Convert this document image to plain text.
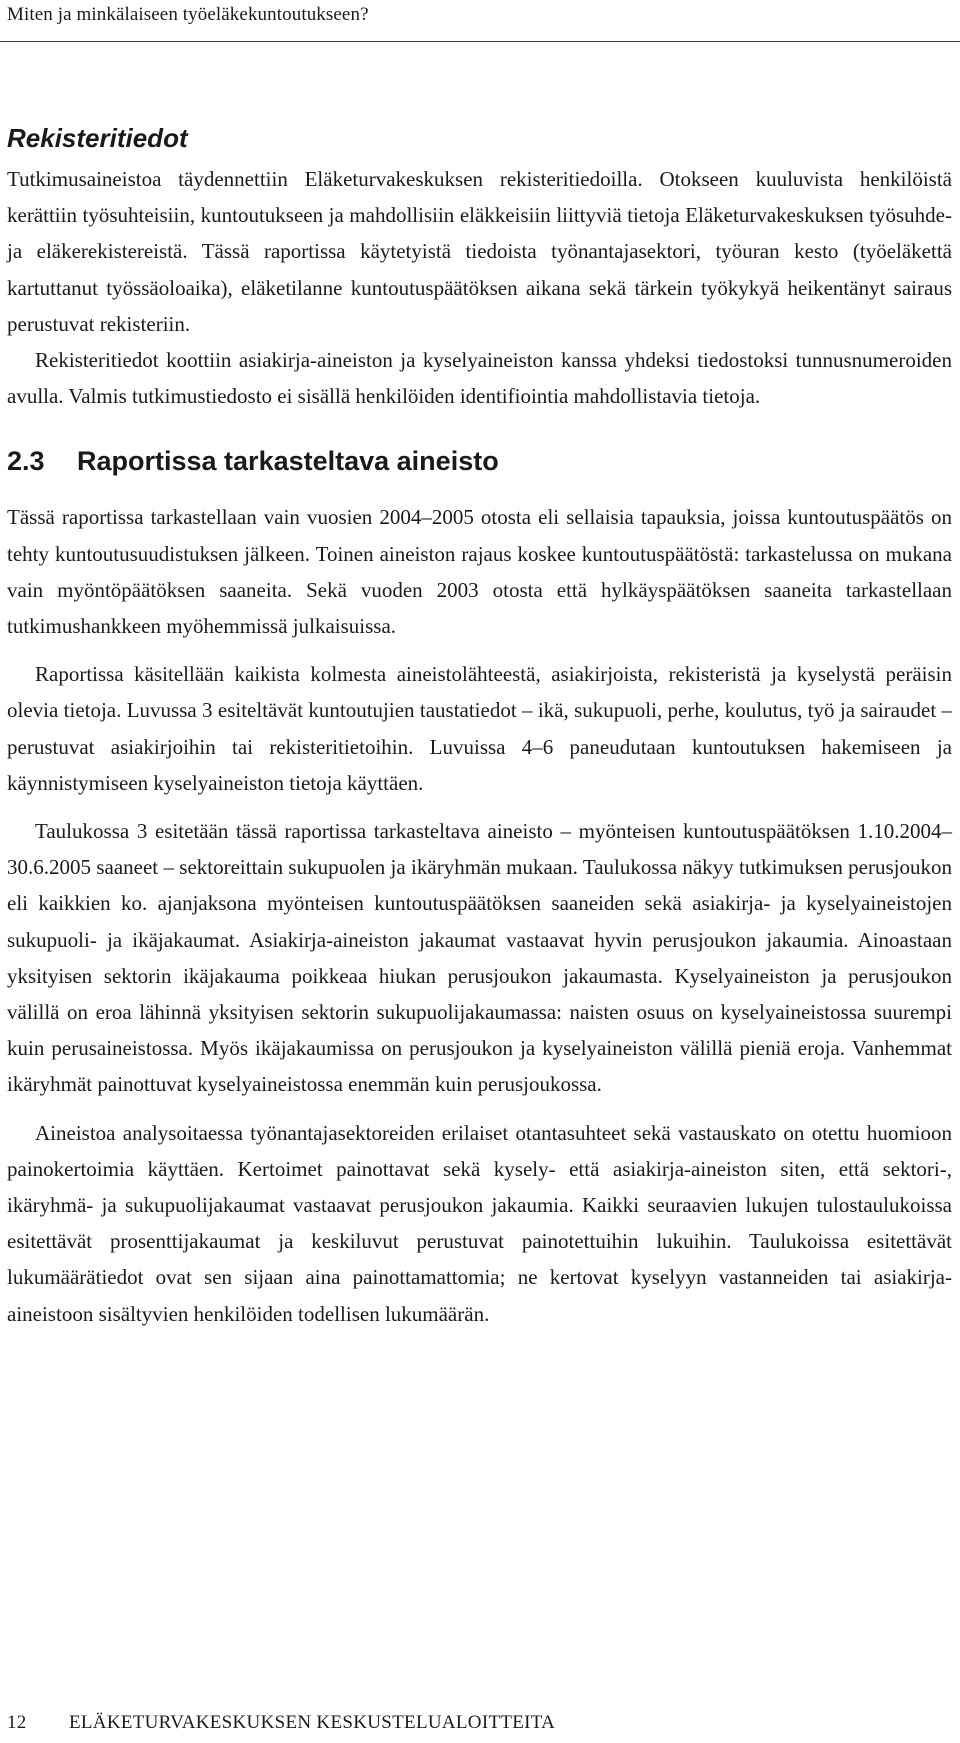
Miten ja minkälaiseen työeläkekuntoutukseen?
Rekisteritiedot

Tutkimusaineistoa täydennettiin Eläketurvakeskuksen rekisteritiedoilla. Otokseen kuuluvista henkilöistä kerättiin työsuhteisiin, kuntoutukseen ja mahdollisiin eläkkeisiin liittyviä tietoja Eläketurvakeskuksen työsuhde- ja eläkerekistereistä. Tässä raportissa käytetyistä tiedoista työnantajasektori, työuran kesto (työeläkettä kartuttanut työssäoloaika), eläketilanne kuntoutuspäätöksen aikana sekä tärkein työkykyä heikentänyt sairaus perustuvat rekisteriin.

Rekisteritiedot koottiin asiakirja-aineiston ja kyselyaineiston kanssa yhdeksi tiedostoksi tunnusnumeroiden avulla. Valmis tutkimustiedosto ei sisällä henkilöiden identifiointia mahdollistavia tietoja.

2.3 Raportissa tarkasteltava aineisto

Tässä raportissa tarkastellaan vain vuosien 2004–2005 otosta eli sellaisia tapauksia, joissa kuntoutuspäätös on tehty kuntoutusuudistuksen jälkeen. Toinen aineiston rajaus koskee kuntoutuspäätöstä: tarkastelussa on mukana vain myöntöpäätöksen saaneita. Sekä vuoden 2003 otosta että hylkäyspäätöksen saaneita tarkastellaan tutkimushankkeen myöhemmissä julkaisuissa.

Raportissa käsitellään kaikista kolmesta aineistolähteestä, asiakirjoista, rekisteristä ja kyselystä peräisin olevia tietoja. Luvussa 3 esiteltävät kuntoutujien taustatiedot – ikä, sukupuoli, perhe, koulutus, työ ja sairaudet – perustuvat asiakirjoihin tai rekisteritietoihin. Luvuissa 4–6 paneudutaan kuntoutuksen hakemiseen ja käynnistymiseen kyselyaineiston tietoja käyttäen.

Taulukossa 3 esitetään tässä raportissa tarkasteltava aineisto – myönteisen kuntoutuspäätöksen 1.10.2004–30.6.2005 saaneet – sektoreittain sukupuolen ja ikäryhmän mukaan. Taulukossa näkyy tutkimuksen perusjoukon eli kaikkien ko. ajanjaksona myönteisen kuntoutuspäätöksen saaneiden sekä asiakirja- ja kyselyaineistojen sukupuoli- ja ikäjakaumat. Asiakirja-aineiston jakaumat vastaavat hyvin perusjoukon jakaumia. Ainoastaan yksityisen sektorin ikäjakauma poikkeaa hiukan perusjoukon jakaumasta. Kyselyaineiston ja perusjoukon välillä on eroa lähinnä yksityisen sektorin sukupuolijakaumassa: naisten osuus on kyselyaineistossa suurempi kuin perusaineistossa. Myös ikäjakaumissa on perusjoukon ja kyselyaineiston välillä pieniä eroja. Vanhemmat ikäryhmät painottuvat kyselyaineistossa enemmän kuin perusjoukossa.

Aineistoa analysoitaessa työnantajasektoreiden erilaiset otantasuhteet sekä vastauskato on otettu huomioon painokertoimia käyttäen. Kertoimet painottavat sekä kysely- että asiakirja-aineiston siten, että sektori-, ikäryhmä- ja sukupuolijakaumat vastaavat perusjoukon jakaumia. Kaikki seuraavien lukujen tulostaulukoissa esitettävät prosenttijakaumat ja keskiluvut perustuvat painotettuihin lukuihin. Taulukoissa esitettävät lukumäärätiedot ovat sen sijaan aina painottamattomia; ne kertovat kyselyyn vastanneiden tai asiakirja-aineistoon sisältyvien henkilöiden todellisen lukumäärän.

12 ELÄKETURVAKESKUKSEN KESKUSTELUALOITTEITA
